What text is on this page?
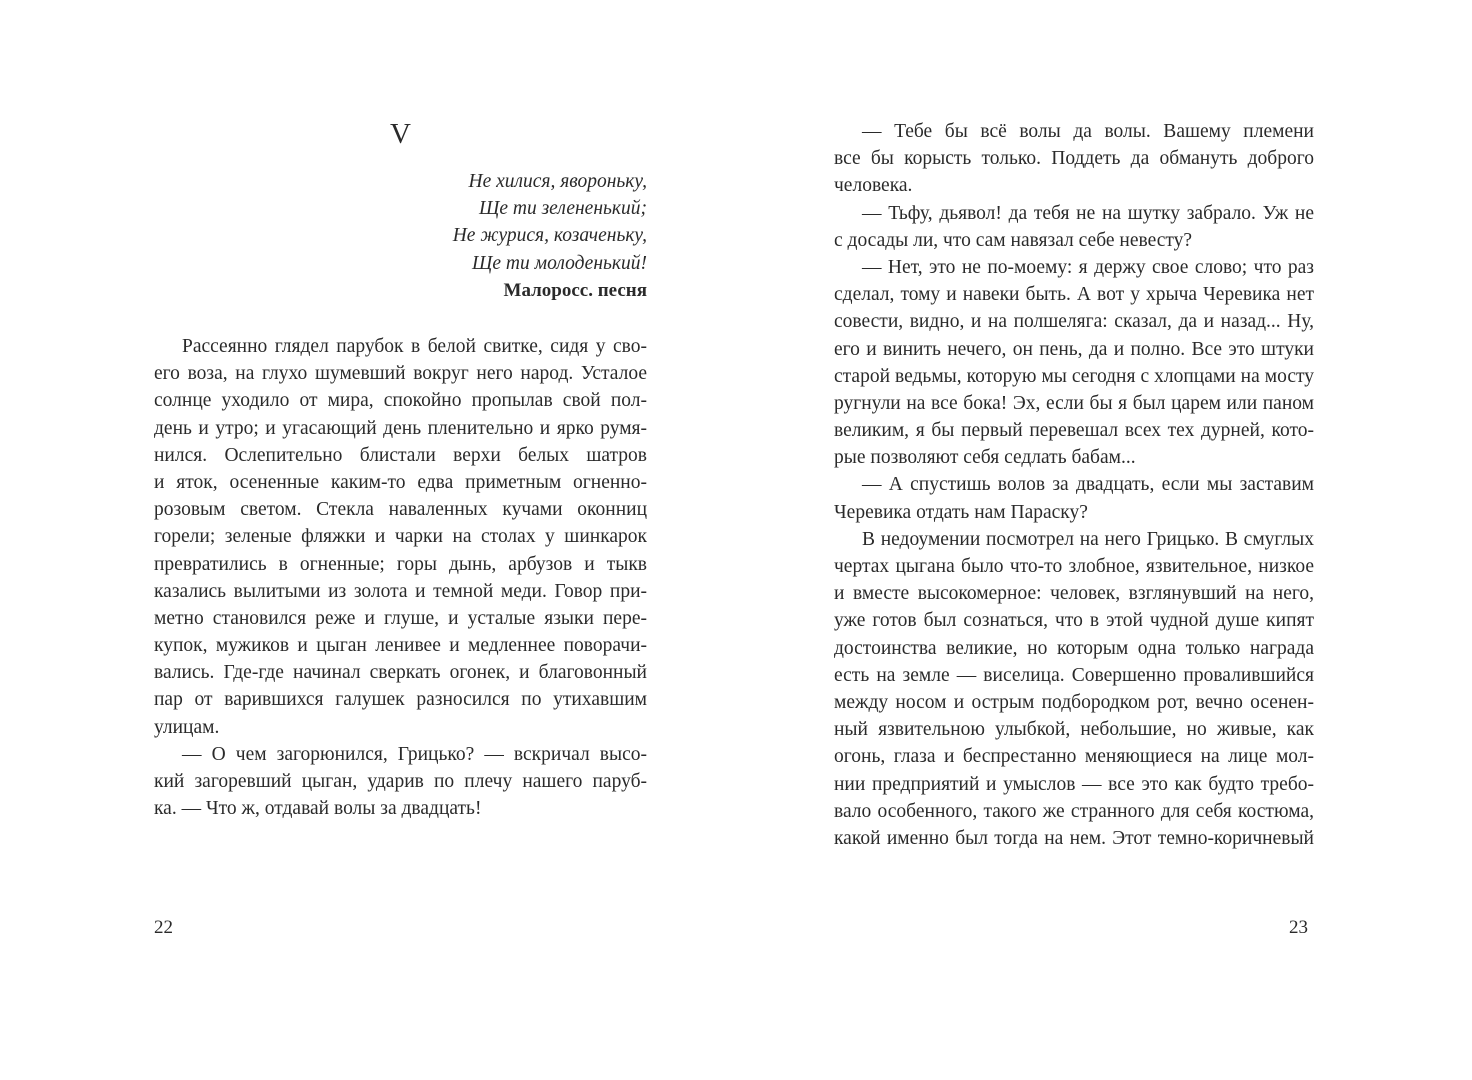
V
Не хилися, явороньку,
Ще ти зелененький;
Не журися, козаченьку,
Ще ти молоденький!
Малоросс. песня
Рассеянно глядел парубок в белой свитке, сидя у сво-
его воза, на глухо шумевший вокруг него народ. Усталое
солнце уходило от мира, спокойно пропылав свой пол-
день и утро; и угасающий день пленительно и ярко румя-
нился. Ослепительно блистали верхи белых шатров
и яток, осененные каким-то едва приметным огненно-
розовым светом. Стекла наваленных кучами оконниц
горели; зеленые фляжки и чарки на столах у шинкарок
превратились в огненные; горы дынь, арбузов и тыкв
казались вылитыми из золота и темной меди. Говор при-
метно становился реже и глуше, и усталые языки пере-
купок, мужиков и цыган ленивее и медленнее поворачи-
вались. Где-где начинал сверкать огонек, и благовонный
пар от варившихся галушек разносился по утихавшим
улицам.
— О чем загорюнился, Грицько? — вскричал высо-
кий загоревший цыган, ударив по плечу нашего паруб-
ка. — Что ж, отдавай волы за двадцать!
22
— Тебе бы всё волы да волы. Вашему племени
все бы корысть только. Поддеть да обмануть доброго
человека.
— Тьфу, дьявол! да тебя не на шутку забрало. Уж не
с досады ли, что сам навязал себе невесту?
— Нет, это не по-моему: я держу свое слово; что раз
сделал, тому и навеки быть. А вот у хрыча Черевика нет
совести, видно, и на полшеляга: сказал, да и назад... Ну,
его и винить нечего, он пень, да и полно. Все это штуки
старой ведьмы, которую мы сегодня с хлопцами на мосту
ругнули на все бока! Эх, если бы я был царем или паном
великим, я бы первый перевешал всех тех дурней, кото-
рые позволяют себя седлать бабам...
— А спустишь волов за двадцать, если мы заставим
Черевика отдать нам Параску?
В недоумении посмотрел на него Грицько. В смуглых
чертах цыгана было что-то злобное, язвительное, низкое
и вместе высокомерное: человек, взглянувший на него,
уже готов был сознаться, что в этой чудной душе кипят
достоинства великие, но которым одна только награда
есть на земле — виселица. Совершенно провалившийся
между носом и острым подбородком рот, вечно осенен-
ный язвительною улыбкой, небольшие, но живые, как
огонь, глаза и беспрестанно меняющиеся на лице мол-
нии предприятий и умыслов — все это как будто требо-
вало особенного, такого же странного для себя костюма,
какой именно был тогда на нем. Этот темно-коричневый
23
